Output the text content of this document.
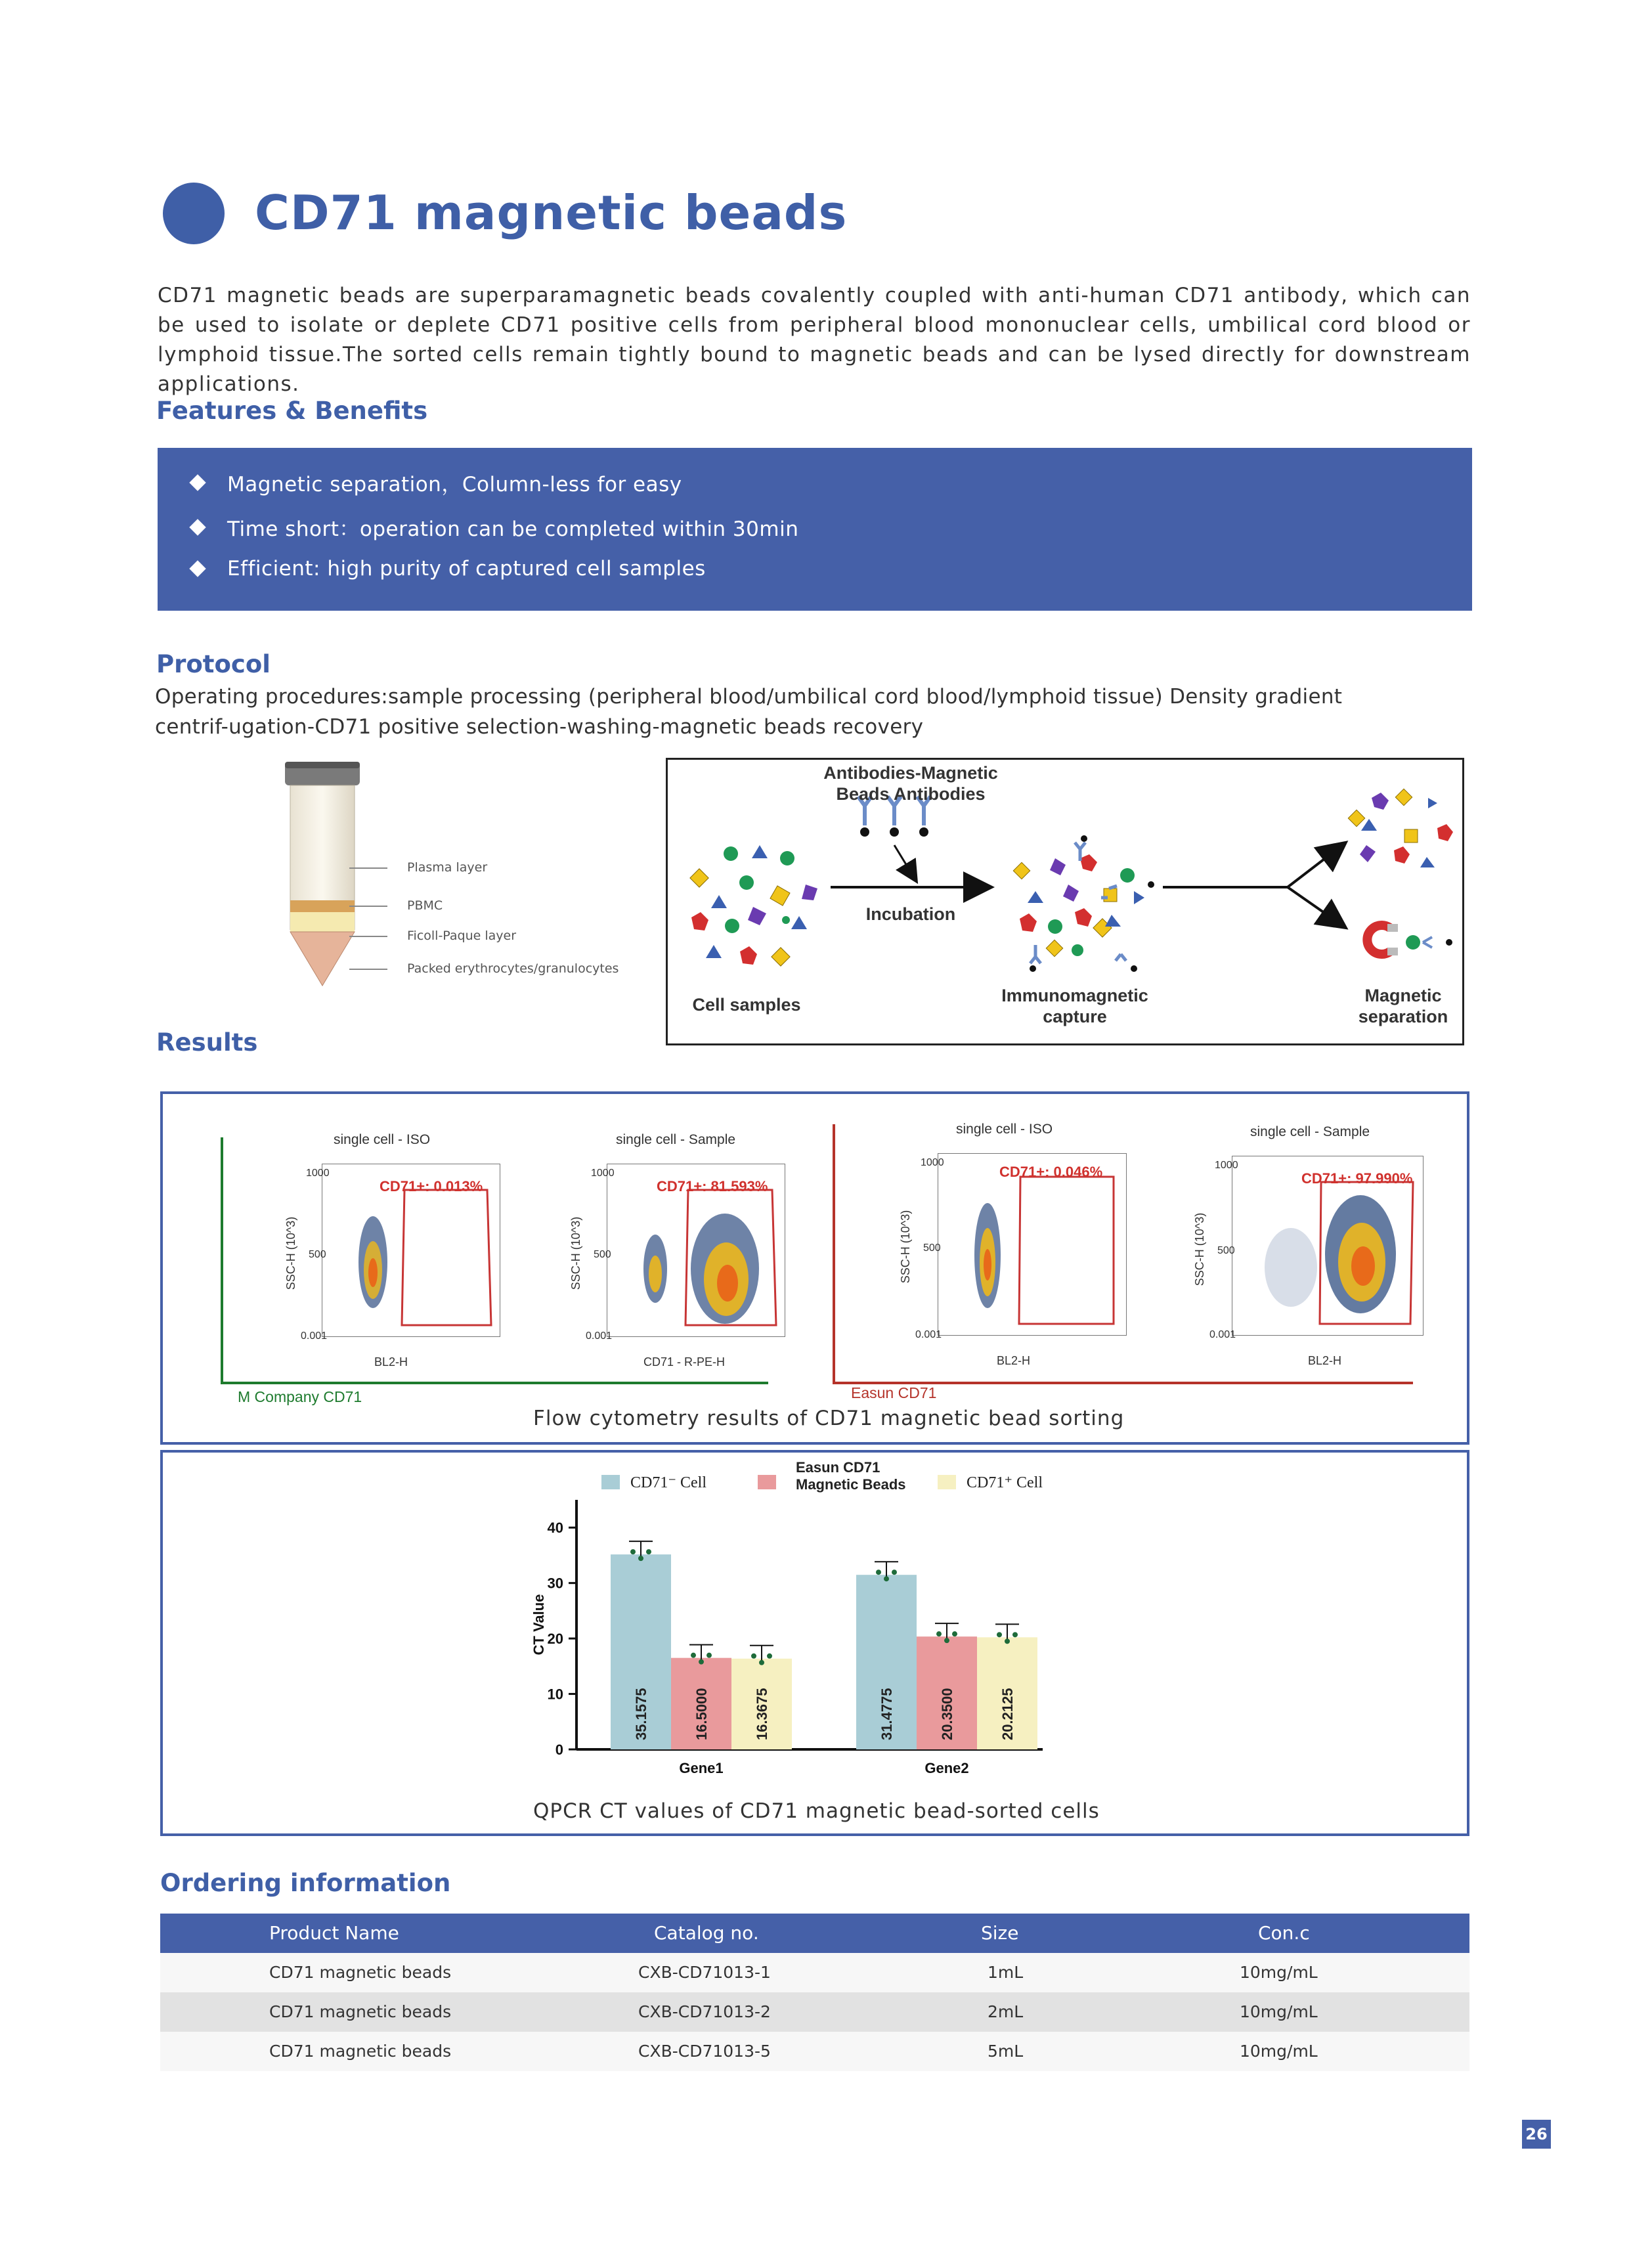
CD71 magnetic beads
CD71 magnetic beads are superparamagnetic beads covalently coupled with anti-human CD71 antibody, which can be used to isolate or deplete CD71 positive cells from peripheral blood mononuclear cells, umbilical cord blood or lymphoid tissue.The sorted cells remain tightly bound to magnetic beads and can be lysed directly for downstream applications.
Features & Benefits
Magnetic separation，Column-less for easy
Time short：operation can be completed within 30min
Efficient: high purity of captured cell samples
Protocol
Operating procedures:sample processing (peripheral blood/umbilical cord blood/lymphoid tissue) Density gradient centrif-ugation-CD71 positive selection-washing-magnetic beads recovery
Plasma layer
PBMC
Ficoll-Paque layer
Packed erythrocytes/granulocytes
Antibodies-Magnetic Beads Antibodies
Incubation
Cell samples	Immunomagnetic capture
Magnetic separation
Results
M Company CD71	Easun CD71
single cell - ISO
CD71+: 0.013%
1000
500
0.001
SSC-H (10^3)
BL2-H
single cell - Sample
CD71+: 81.593%
1000
500
0.001
SSC-H (10^3)
CD71 - R-PE-H
single cell - ISO
CD71+: 0.046%
1000
500
0.001
SSC-H (10^3)
BL2-H
single cell - Sample
CD71+: 97.990%
1000
500
0.001
SSC-H (10^3)
BL2-H
Flow cytometry results of CD71 magnetic bead sorting
0
10
20
30
40
CT Value
35.1575	16.5000	16.3675
Gene1
31.4775	20.3500	20.2125
Gene2
CD71⁻ Cell
Easun CD71
Magnetic Beads	CD71⁺ Cell
QPCR CT values of CD71 magnetic bead-sorted cells
Ordering information
Product Name	Catalog no.	Size	Con.c
CD71 magnetic beads	CXB-CD71013-1	1mL	10mg/mL
CD71 magnetic beads	CXB-CD71013-2	2mL	10mg/mL
CD71 magnetic beads	CXB-CD71013-5	5mL	10mg/mL
26
